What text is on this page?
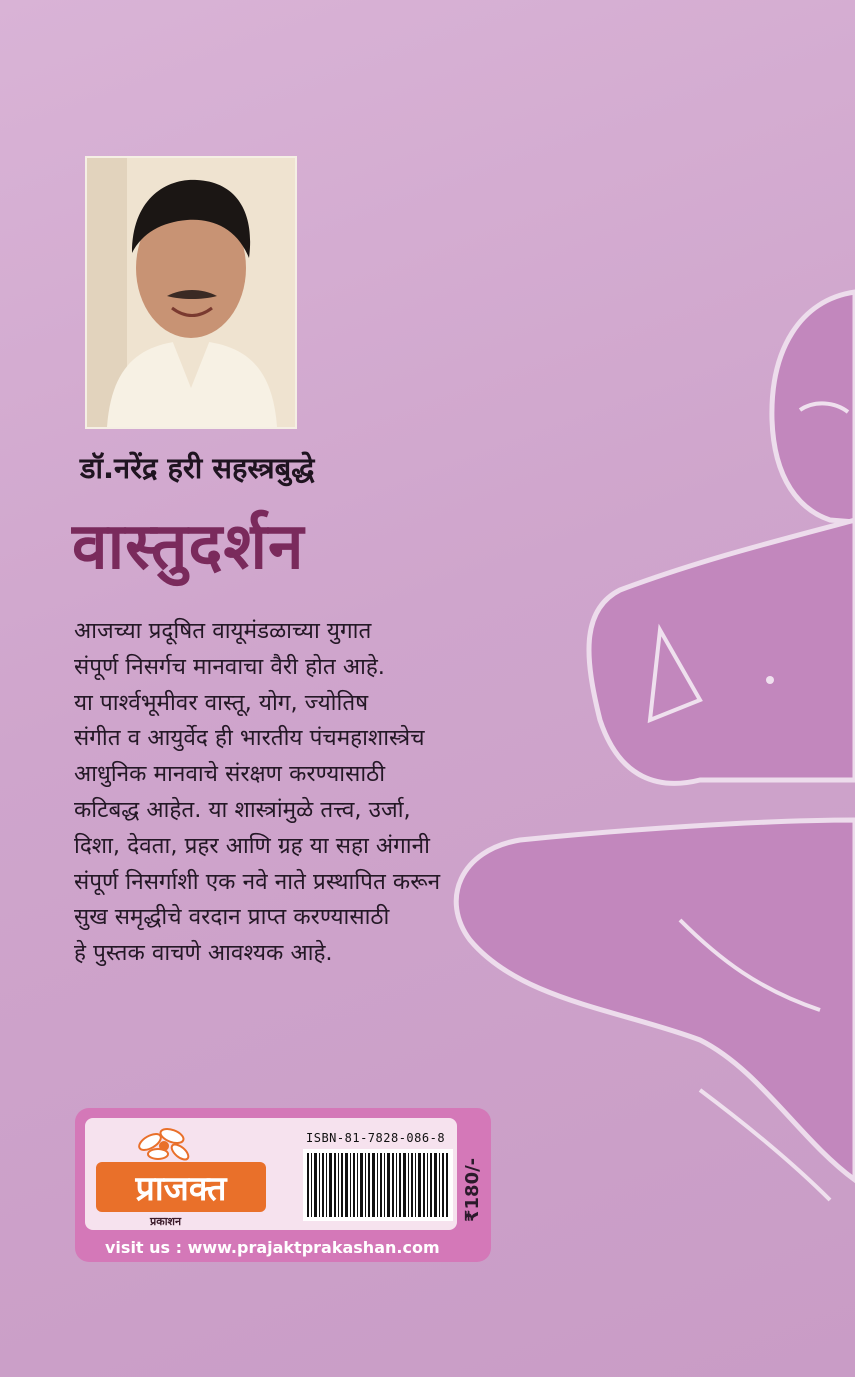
डॉ.नरेंद्र हरी सहस्त्रबुद्धे
वास्तुदर्शन
आजच्या प्रदूषित वायूमंडळाच्या युगात
संपूर्ण निसर्गच मानवाचा वैरी होत आहे.
या पार्श्वभूमीवर वास्तू, योग, ज्योतिष
संगीत व आयुर्वेद ही भारतीय पंचमहाशास्त्रेच
आधुनिक मानवाचे संरक्षण करण्यासाठी
कटिबद्ध आहेत. या शास्त्रांमुळे तत्त्व, उर्जा,
दिशा, देवता, प्रहर आणि ग्रह या सहा अंगानी
संपूर्ण निसर्गाशी एक नवे नाते प्रस्थापित करून
सुख समृद्धीचे वरदान प्राप्त करण्यासाठी
हे पुस्तक वाचणे आवश्यक आहे.
प्राजक्त
प्रकाशन
ISBN-81-7828-086-8
₹180/-
visit us : www.prajaktprakashan.com
